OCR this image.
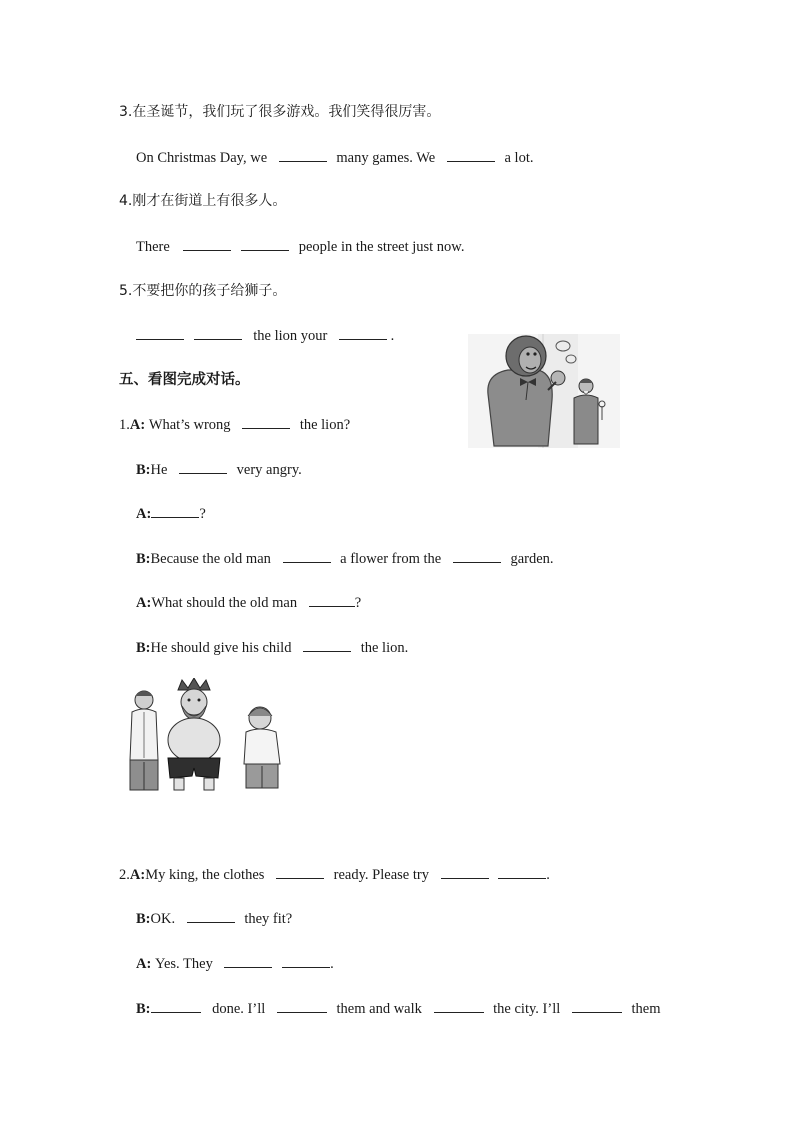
3.在圣诞节，我们玩了很多游戏。我们笑得很厉害。
On Christmas Day, we	many games. We	a lot.
4.刚才在街道上有很多人。
There	people in the street just now.
5.不要把你的孩子给狮子。
the lion your	.
五、看图完成对话。
1.A: What’s wrong	the lion?
B:He	very angry.
A:	?
B:Because the old man	a flower from the	garden.
A:What should the old man	?
B:He should give his child	the lion.
2.A:My king, the clothes	ready. Please try	.
B:OK.	they fit?
A: Yes. They	.
B:	done. I’ll	them and walk	the city. I’ll	them
